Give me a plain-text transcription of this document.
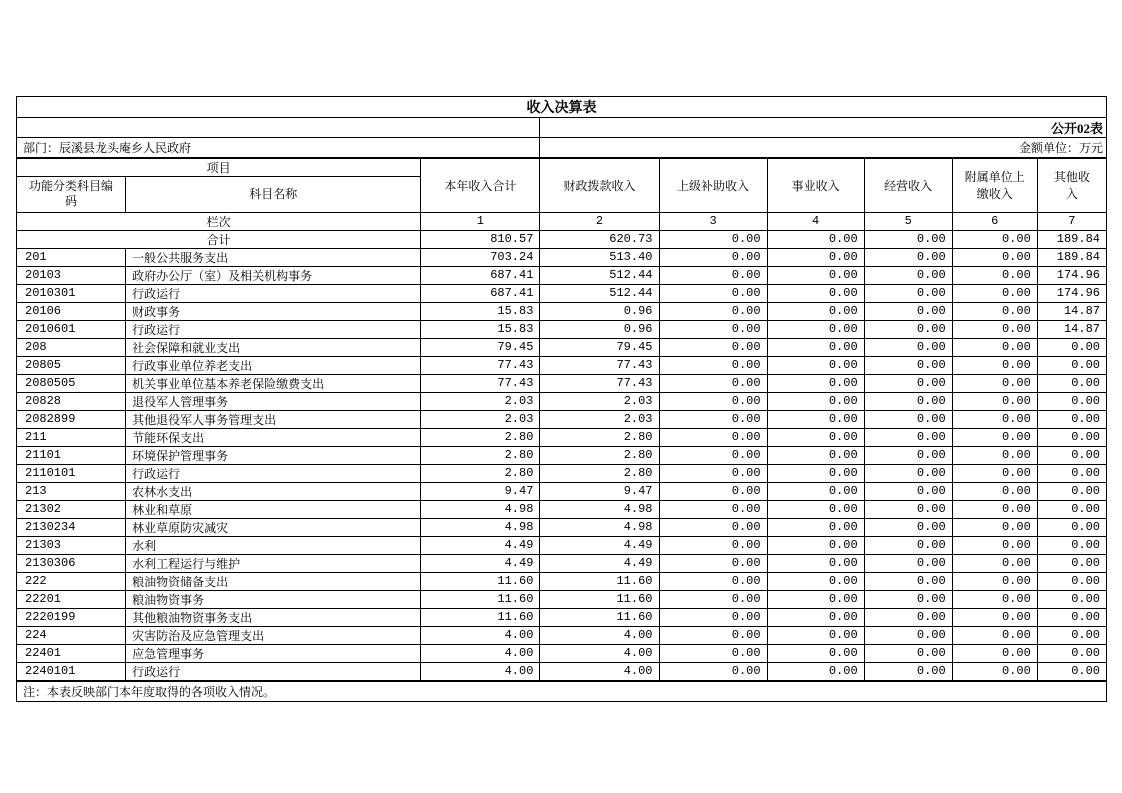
收入决算表								
			公开02表					
部门：辰溪县龙头庵乡人民政府			金额单位：万元					
项目		本年收入合计	财政拨款收入	上级补助收入	事业收入	经营收入	附属单位上缴收入	其他收入
功能分类科目编码	科目名称							
栏次		1	2	3	4	5	6	7
合计		810.57	620.73	0.00	0.00	0.00	0.00	189.84
201	一般公共服务支出	703.24	513.40	0.00	0.00	0.00	0.00	189.84
20103	政府办公厅（室）及相关机构事务	687.41	512.44	0.00	0.00	0.00	0.00	174.96
2010301	行政运行	687.41	512.44	0.00	0.00	0.00	0.00	174.96
20106	财政事务	15.83	0.96	0.00	0.00	0.00	0.00	14.87
2010601	行政运行	15.83	0.96	0.00	0.00	0.00	0.00	14.87
208	社会保障和就业支出	79.45	79.45	0.00	0.00	0.00	0.00	0.00
20805	行政事业单位养老支出	77.43	77.43	0.00	0.00	0.00	0.00	0.00
2080505	机关事业单位基本养老保险缴费支出	77.43	77.43	0.00	0.00	0.00	0.00	0.00
20828	退役军人管理事务	2.03	2.03	0.00	0.00	0.00	0.00	0.00
2082899	其他退役军人事务管理支出	2.03	2.03	0.00	0.00	0.00	0.00	0.00
211	节能环保支出	2.80	2.80	0.00	0.00	0.00	0.00	0.00
21101	环境保护管理事务	2.80	2.80	0.00	0.00	0.00	0.00	0.00
2110101	行政运行	2.80	2.80	0.00	0.00	0.00	0.00	0.00
213	农林水支出	9.47	9.47	0.00	0.00	0.00	0.00	0.00
21302	林业和草原	4.98	4.98	0.00	0.00	0.00	0.00	0.00
2130234	林业草原防灾减灾	4.98	4.98	0.00	0.00	0.00	0.00	0.00
21303	水利	4.49	4.49	0.00	0.00	0.00	0.00	0.00
2130306	水利工程运行与维护	4.49	4.49	0.00	0.00	0.00	0.00	0.00
222	粮油物资储备支出	11.60	11.60	0.00	0.00	0.00	0.00	0.00
22201	粮油物资事务	11.60	11.60	0.00	0.00	0.00	0.00	0.00
2220199	其他粮油物资事务支出	11.60	11.60	0.00	0.00	0.00	0.00	0.00
224	灾害防治及应急管理支出	4.00	4.00	0.00	0.00	0.00	0.00	0.00
22401	应急管理事务	4.00	4.00	0.00	0.00	0.00	0.00	0.00
2240101	行政运行	4.00	4.00	0.00	0.00	0.00	0.00	0.00
注：本表反映部门本年度取得的各项收入情况。								
